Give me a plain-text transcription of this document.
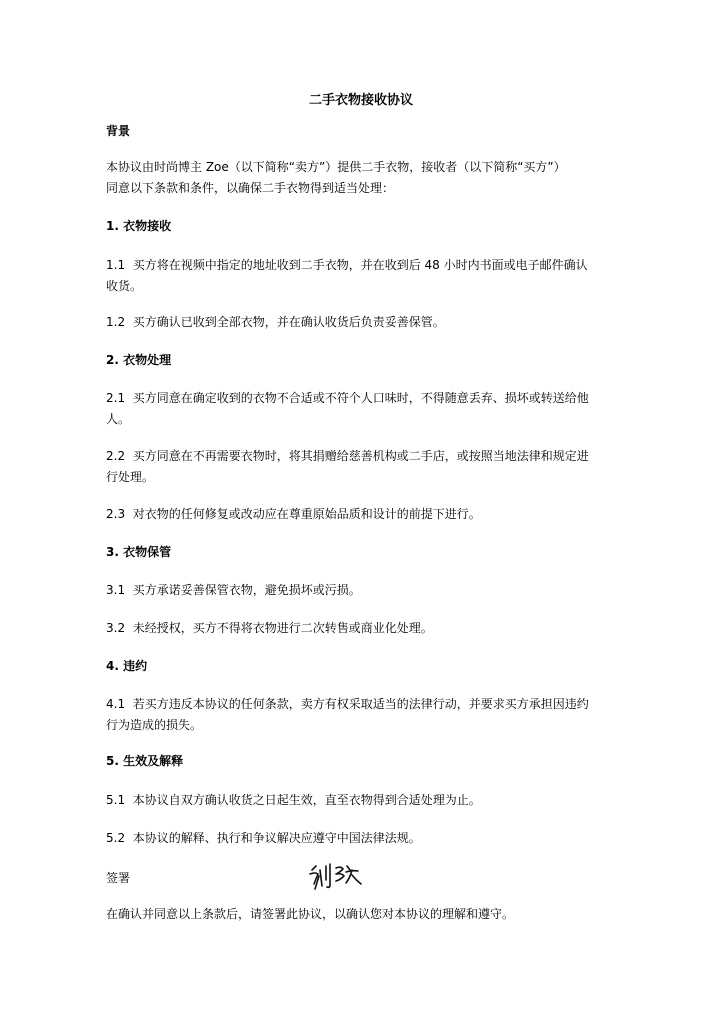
二手衣物接收协议
背景
本协议由时尚博主 Zoe（以下简称“卖方”）提供二手衣物，接收者（以下简称“买方”）
同意以下条款和条件，以确保二手衣物得到适当处理：
1. 衣物接收
1.1  买方将在视频中指定的地址收到二手衣物，并在收到后 48 小时内书面或电子邮件确认
收货。
1.2  买方确认已收到全部衣物，并在确认收货后负责妥善保管。
2. 衣物处理
2.1  买方同意在确定收到的衣物不合适或不符个人口味时，不得随意丢弃、损坏或转送给他
人。
2.2  买方同意在不再需要衣物时，将其捐赠给慈善机构或二手店，或按照当地法律和规定进
行处理。
2.3  对衣物的任何修复或改动应在尊重原始品质和设计的前提下进行。
3. 衣物保管
3.1  买方承诺妥善保管衣物，避免损坏或污损。
3.2  未经授权，买方不得将衣物进行二次转售或商业化处理。
4. 违约
4.1  若买方违反本协议的任何条款，卖方有权采取适当的法律行动，并要求买方承担因违约
行为造成的损失。
5. 生效及解释
5.1  本协议自双方确认收货之日起生效，直至衣物得到合适处理为止。
5.2  本协议的解释、执行和争议解决应遵守中国法律法规。
签署
在确认并同意以上条款后，请签署此协议，以确认您对本协议的理解和遵守。
